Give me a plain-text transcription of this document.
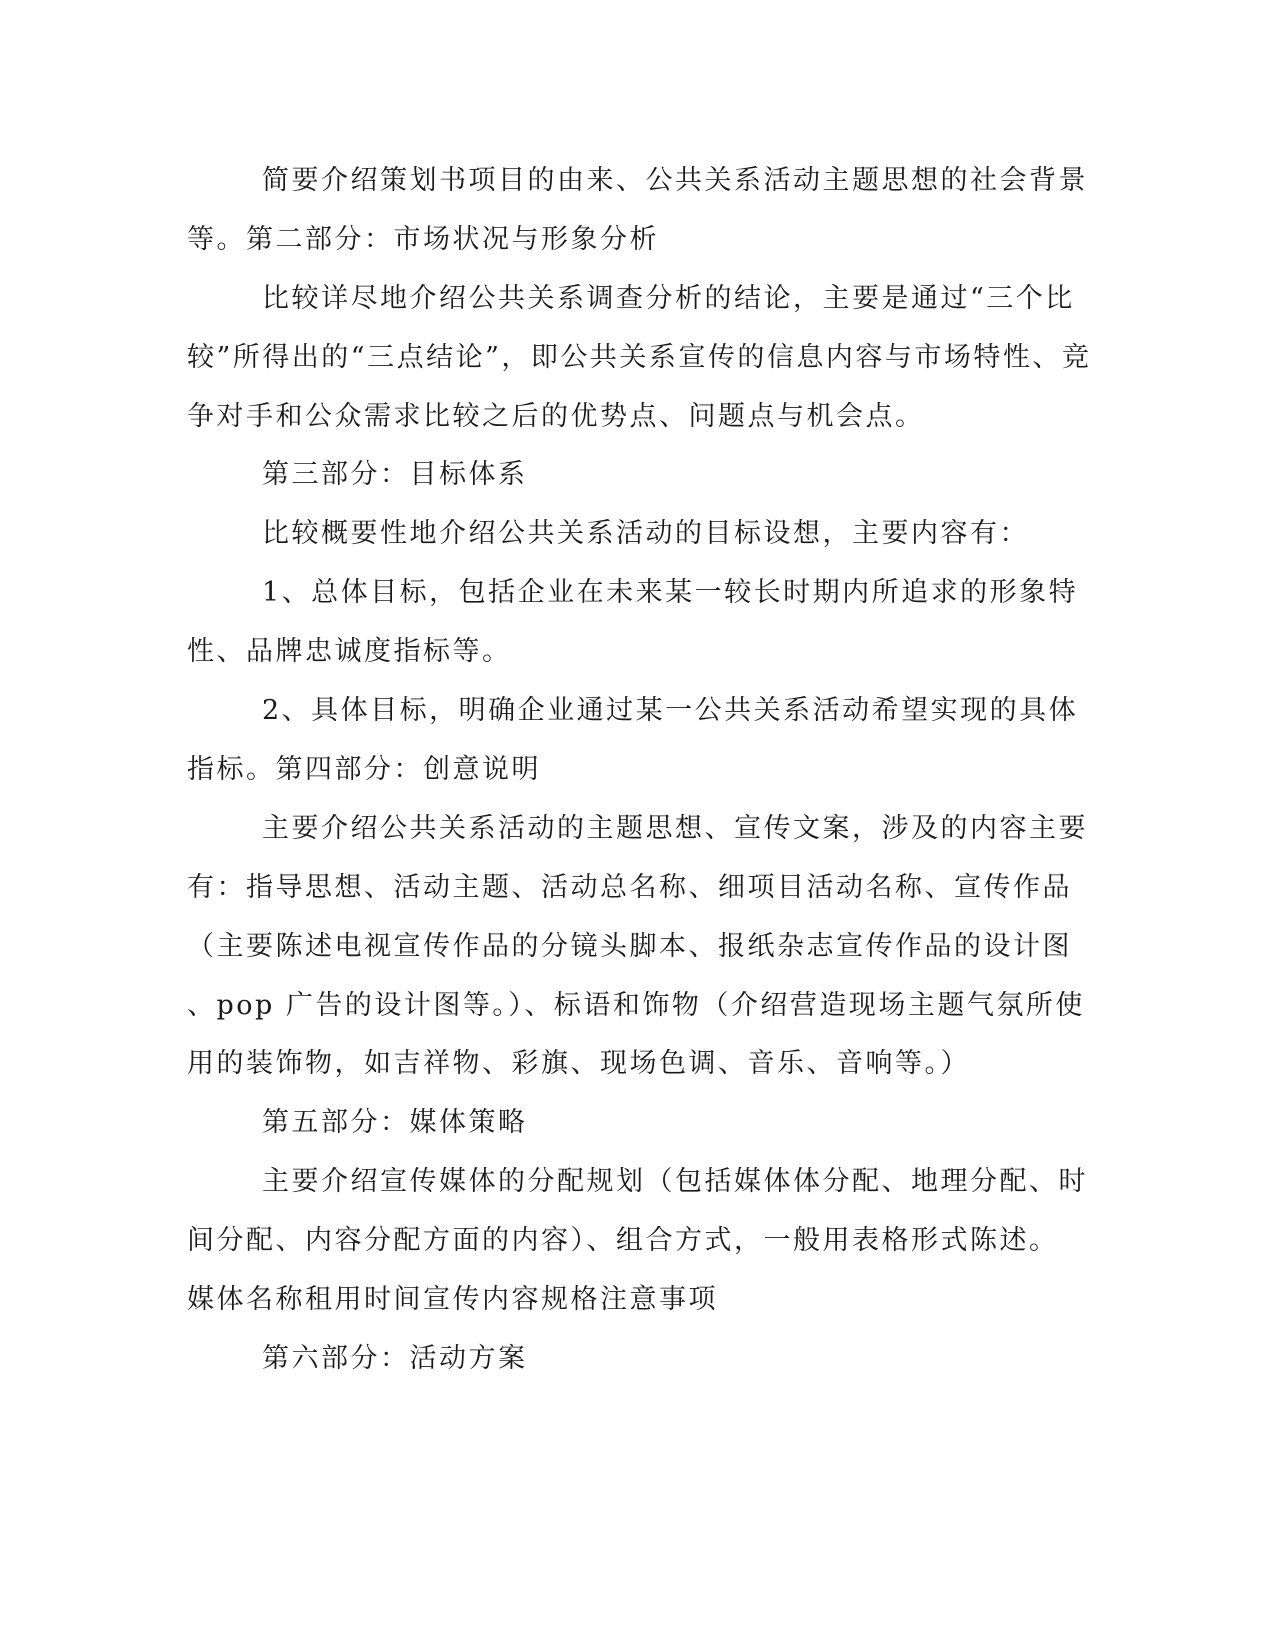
简要介绍策划书项目的由来、公共关系活动主题思想的社会背景
等。第二部分：市场状况与形象分析
比较详尽地介绍公共关系调查分析的结论，主要是通过“三个比
较”所得出的“三点结论”，即公共关系宣传的信息内容与市场特性、竞
争对手和公众需求比较之后的优势点、问题点与机会点。
第三部分：目标体系
比较概要性地介绍公共关系活动的目标设想，主要内容有：
1、总体目标，包括企业在未来某一较长时期内所追求的形象特
性、品牌忠诚度指标等。
2、具体目标，明确企业通过某一公共关系活动希望实现的具体
指标。第四部分：创意说明
主要介绍公共关系活动的主题思想、宣传文案，涉及的内容主要
有：指导思想、活动主题、活动总名称、细项目活动名称、宣传作品
（主要陈述电视宣传作品的分镜头脚本、报纸杂志宣传作品的设计图
、pop 广告的设计图等。）、标语和饰物（介绍营造现场主题气氛所使
用的装饰物，如吉祥物、彩旗、现场色调、音乐、音响等。）
第五部分：媒体策略
主要介绍宣传媒体的分配规划（包括媒体体分配、地理分配、时
间分配、内容分配方面的内容）、组合方式，一般用表格形式陈述。
媒体名称租用时间宣传内容规格注意事项
第六部分：活动方案
